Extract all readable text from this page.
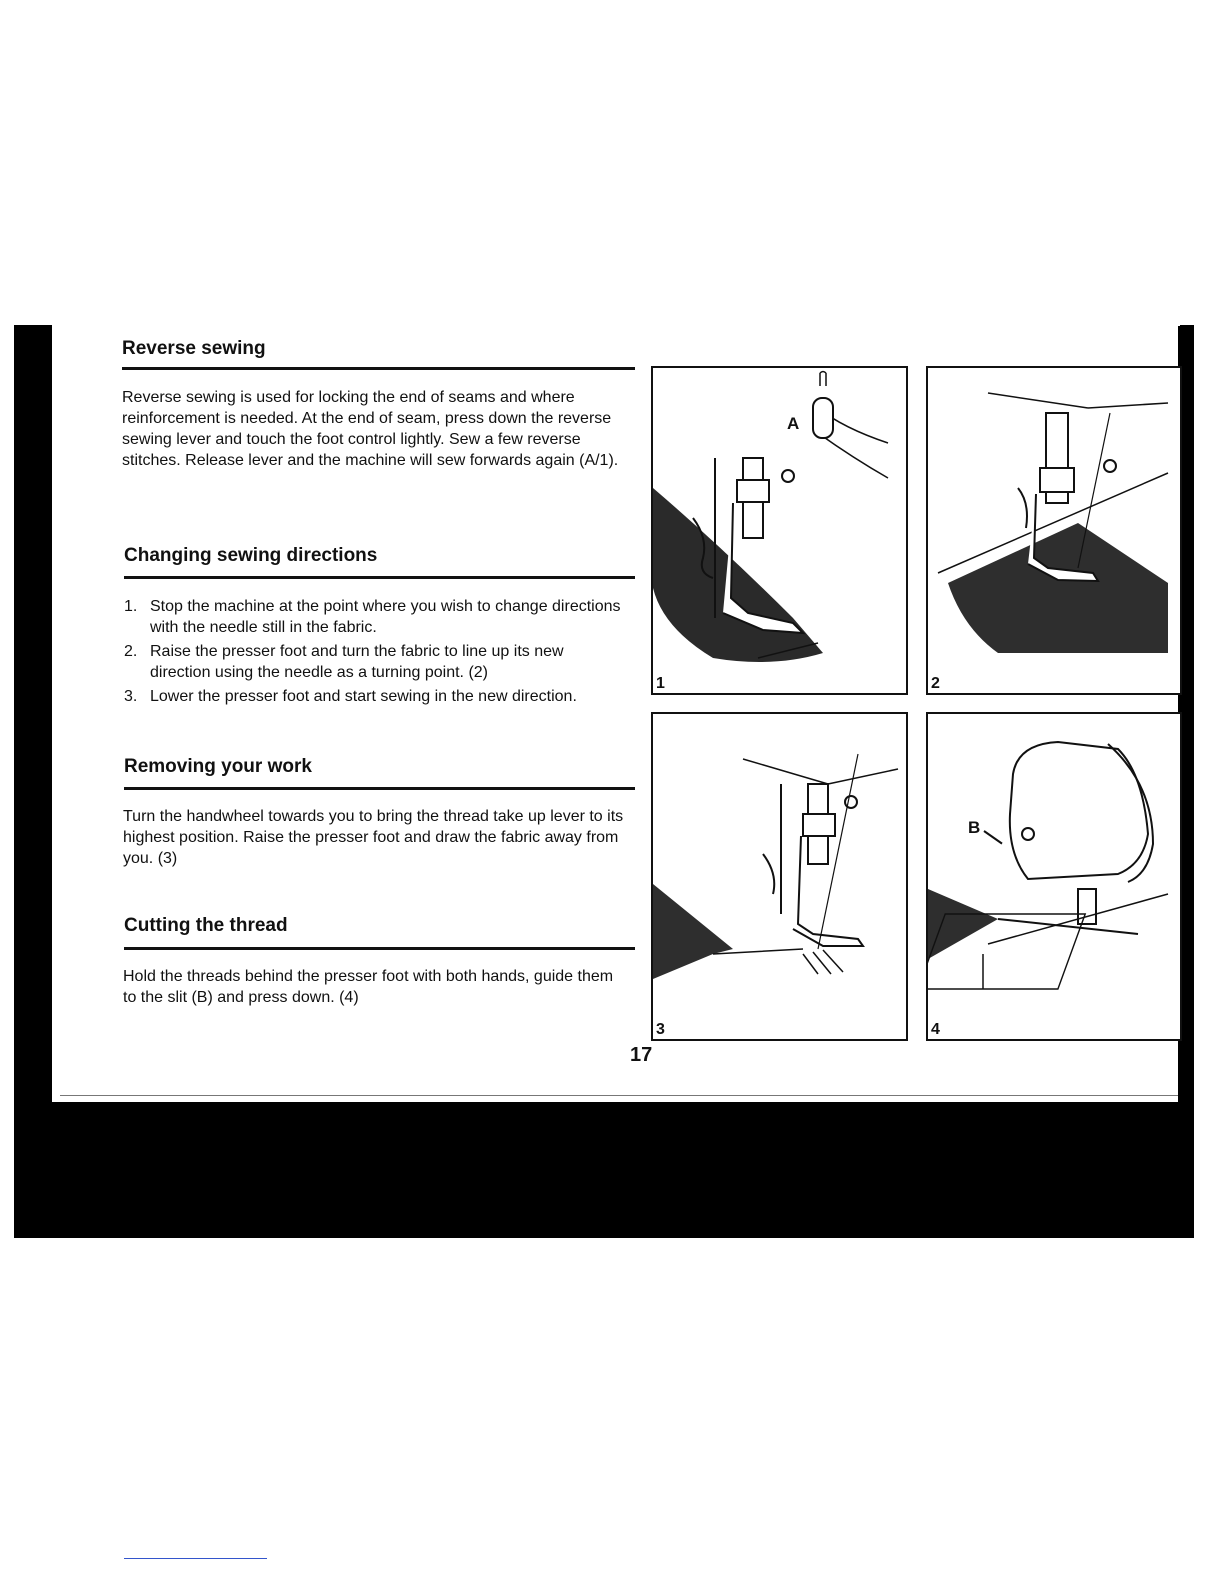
Reverse sewing

Reverse sewing is used for locking the end of seams and where reinforcement is needed. At the end of seam, press down the reverse sewing lever and touch the foot control lightly. Sew a few reverse stitches. Release lever and the machine will sew forwards again (A/1).

Changing sewing directions
1. Stop the machine at the point where you wish to change directions with the needle still in the fabric.
2. Raise the presser foot and turn the fabric to line up its new direction using the needle as a turning point. (2)
3. Lower the presser foot and start sewing in the new direction.
Removing your work

Turn the handwheel towards you to bring the thread take up lever to its highest position. Raise the presser foot and draw the fabric away from you. (3)

Cutting the thread

Hold the threads behind the presser foot with both hands, guide them to the slit (B) and press down. (4)

17
A
1	2
3
B
4
